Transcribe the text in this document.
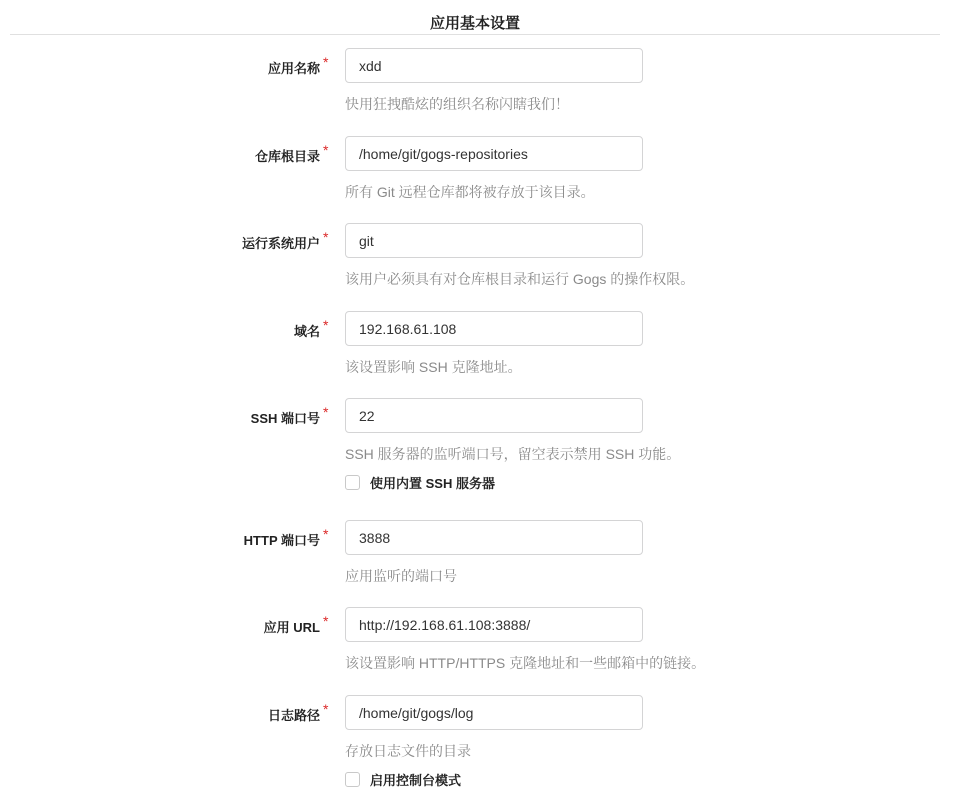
应用基本设置
应用名称 *
xdd
快用狂拽酷炫的组织名称闪瞎我们！
仓库根目录 *
/home/git/gogs-repositories
所有 Git 远程仓库都将被存放于该目录。
运行系统用户 *
git
该用户必须具有对仓库根目录和运行 Gogs 的操作权限。
域名 *
192.168.61.108
该设置影响 SSH 克隆地址。
SSH 端口号 *
22
SSH 服务器的监听端口号，留空表示禁用 SSH 功能。
使用内置 SSH 服务器
HTTP 端口号 *
3888
应用监听的端口号
应用 URL *
http://192.168.61.108:3888/
该设置影响 HTTP/HTTPS 克隆地址和一些邮箱中的链接。
日志路径 *
/home/git/gogs/log
存放日志文件的目录
启用控制台模式
